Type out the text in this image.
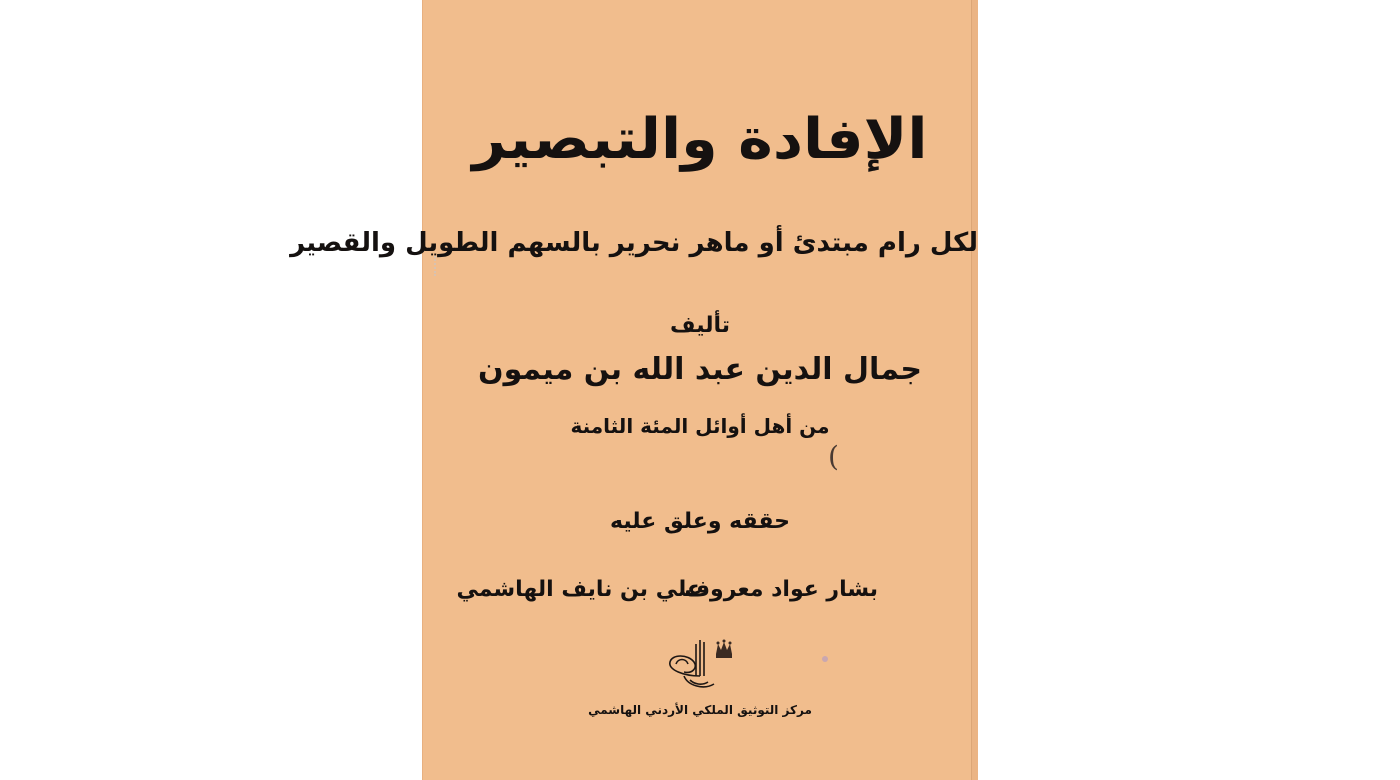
الإفادة والتبصير
لكل رام مبتدئ أو ماهر نحرير بالسهم الطويل والقصير
تأليف
جمال الدين عبد الله بن ميمون
من أهل أوائل المئة الثامنة
(
حققه وعلق عليه
بشار عواد معروف
علي بن نايف الهاشمي
مركز التوثيق الملكي الأردني الهاشمي
